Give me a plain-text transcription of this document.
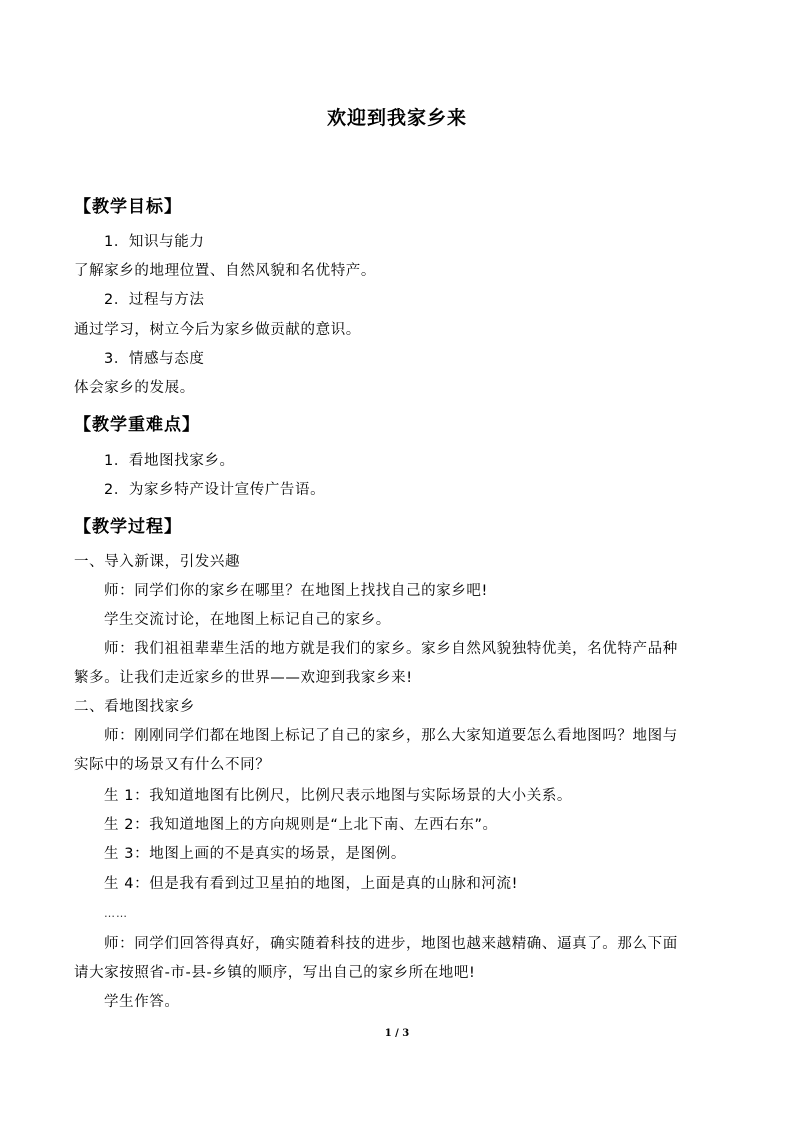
欢迎到我家乡来
【教学目标】
1．知识与能力
了解家乡的地理位置、自然风貌和名优特产。
2．过程与方法
通过学习，树立今后为家乡做贡献的意识。
3．情感与态度
体会家乡的发展。
【教学重难点】
1．看地图找家乡。
2．为家乡特产设计宣传广告语。
【教学过程】
一、导入新课，引发兴趣
师：同学们你的家乡在哪里？在地图上找找自己的家乡吧!
学生交流讨论，在地图上标记自己的家乡。
师：我们祖祖辈辈生活的地方就是我们的家乡。家乡自然风貌独特优美，名优特产品种
繁多。让我们走近家乡的世界——欢迎到我家乡来!
二、看地图找家乡
师：刚刚同学们都在地图上标记了自己的家乡，那么大家知道要怎么看地图吗？地图与
实际中的场景又有什么不同？
生 1：我知道地图有比例尺，比例尺表示地图与实际场景的大小关系。
生 2：我知道地图上的方向规则是“上北下南、左西右东”。
生 3：地图上画的不是真实的场景，是图例。
生 4：但是我有看到过卫星拍的地图，上面是真的山脉和河流!
……
师：同学们回答得真好，确实随着科技的进步，地图也越来越精确、逼真了。那么下面
请大家按照省-市-县-乡镇的顺序，写出自己的家乡所在地吧!
学生作答。
1 / 3
